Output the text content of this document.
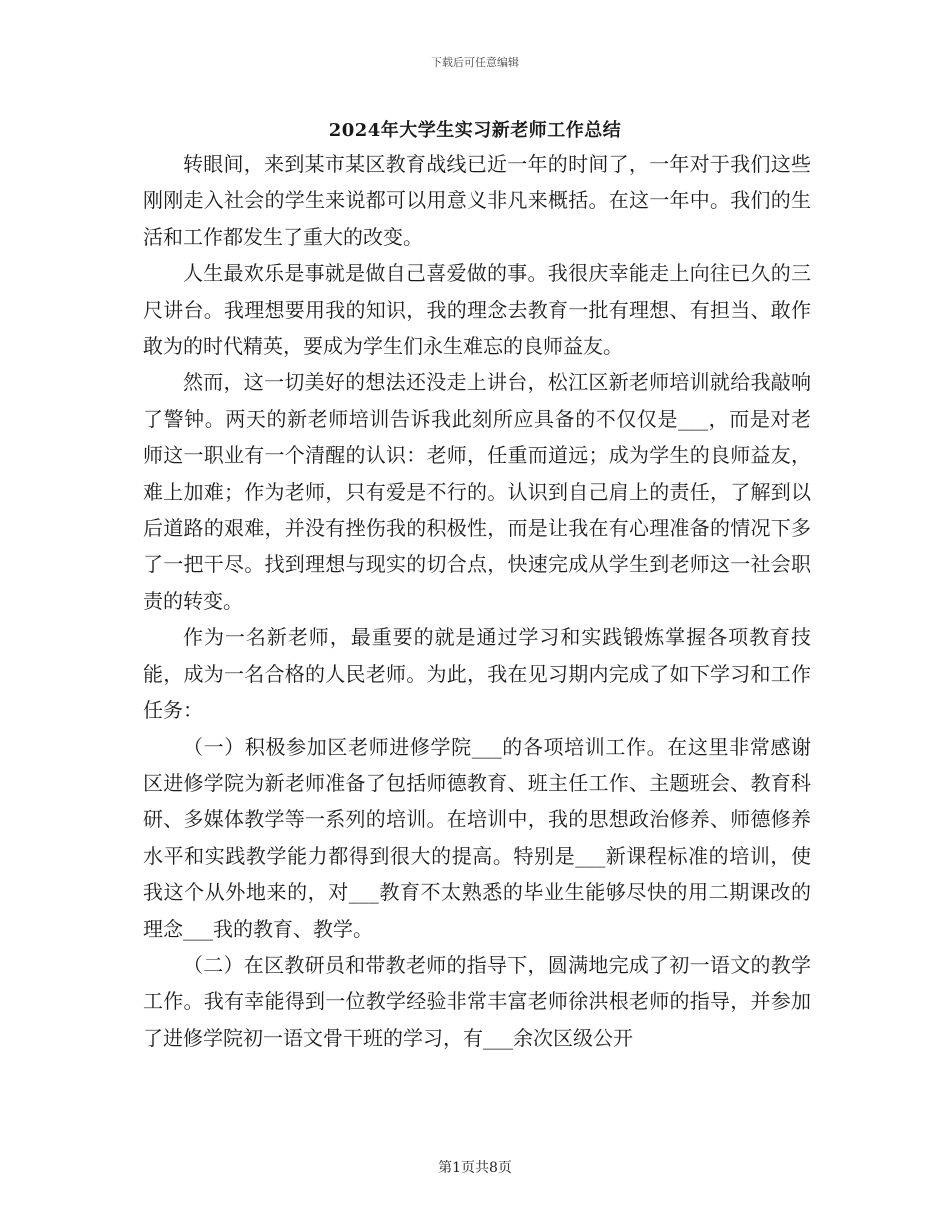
下载后可任意编辑
2024年大学生实习新老师工作总结

转眼间，来到某市某区教育战线已近一年的时间了，一年对于我们这些刚刚走入社会的学生来说都可以用意义非凡来概括。在这一年中。我们的生活和工作都发生了重大的改变。

人生最欢乐是事就是做自己喜爱做的事。我很庆幸能走上向往已久的三尺讲台。我理想要用我的知识，我的理念去教育一批有理想、有担当、敢作敢为的时代精英，要成为学生们永生难忘的良师益友。

然而，这一切美好的想法还没走上讲台，松江区新老师培训就给我敲响了警钟。两天的新老师培训告诉我此刻所应具备的不仅仅是___，而是对老师这一职业有一个清醒的认识：老师，任重而道远；成为学生的良师益友，难上加难；作为老师，只有爱是不行的。认识到自己肩上的责任，了解到以后道路的艰难，并没有挫伤我的积极性，而是让我在有心理准备的情况下多了一把干尽。找到理想与现实的切合点，快速完成从学生到老师这一社会职责的转变。

作为一名新老师，最重要的就是通过学习和实践锻炼掌握各项教育技能，成为一名合格的人民老师。为此，我在见习期内完成了如下学习和工作任务：

（一）积极参加区老师进修学院___的各项培训工作。在这里非常感谢区进修学院为新老师准备了包括师德教育、班主任工作、主题班会、教育科研、多媒体教学等一系列的培训。在培训中，我的思想政治修养、师德修养水平和实践教学能力都得到很大的提高。特别是___新课程标准的培训，使我这个从外地来的，对___教育不太熟悉的毕业生能够尽快的用二期课改的理念___我的教育、教学。

（二）在区教研员和带教老师的指导下，圆满地完成了初一语文的教学工作。我有幸能得到一位教学经验非常丰富老师徐洪根老师的指导，并参加了进修学院初一语文骨干班的学习，有___余次区级公开

第1页共8页
